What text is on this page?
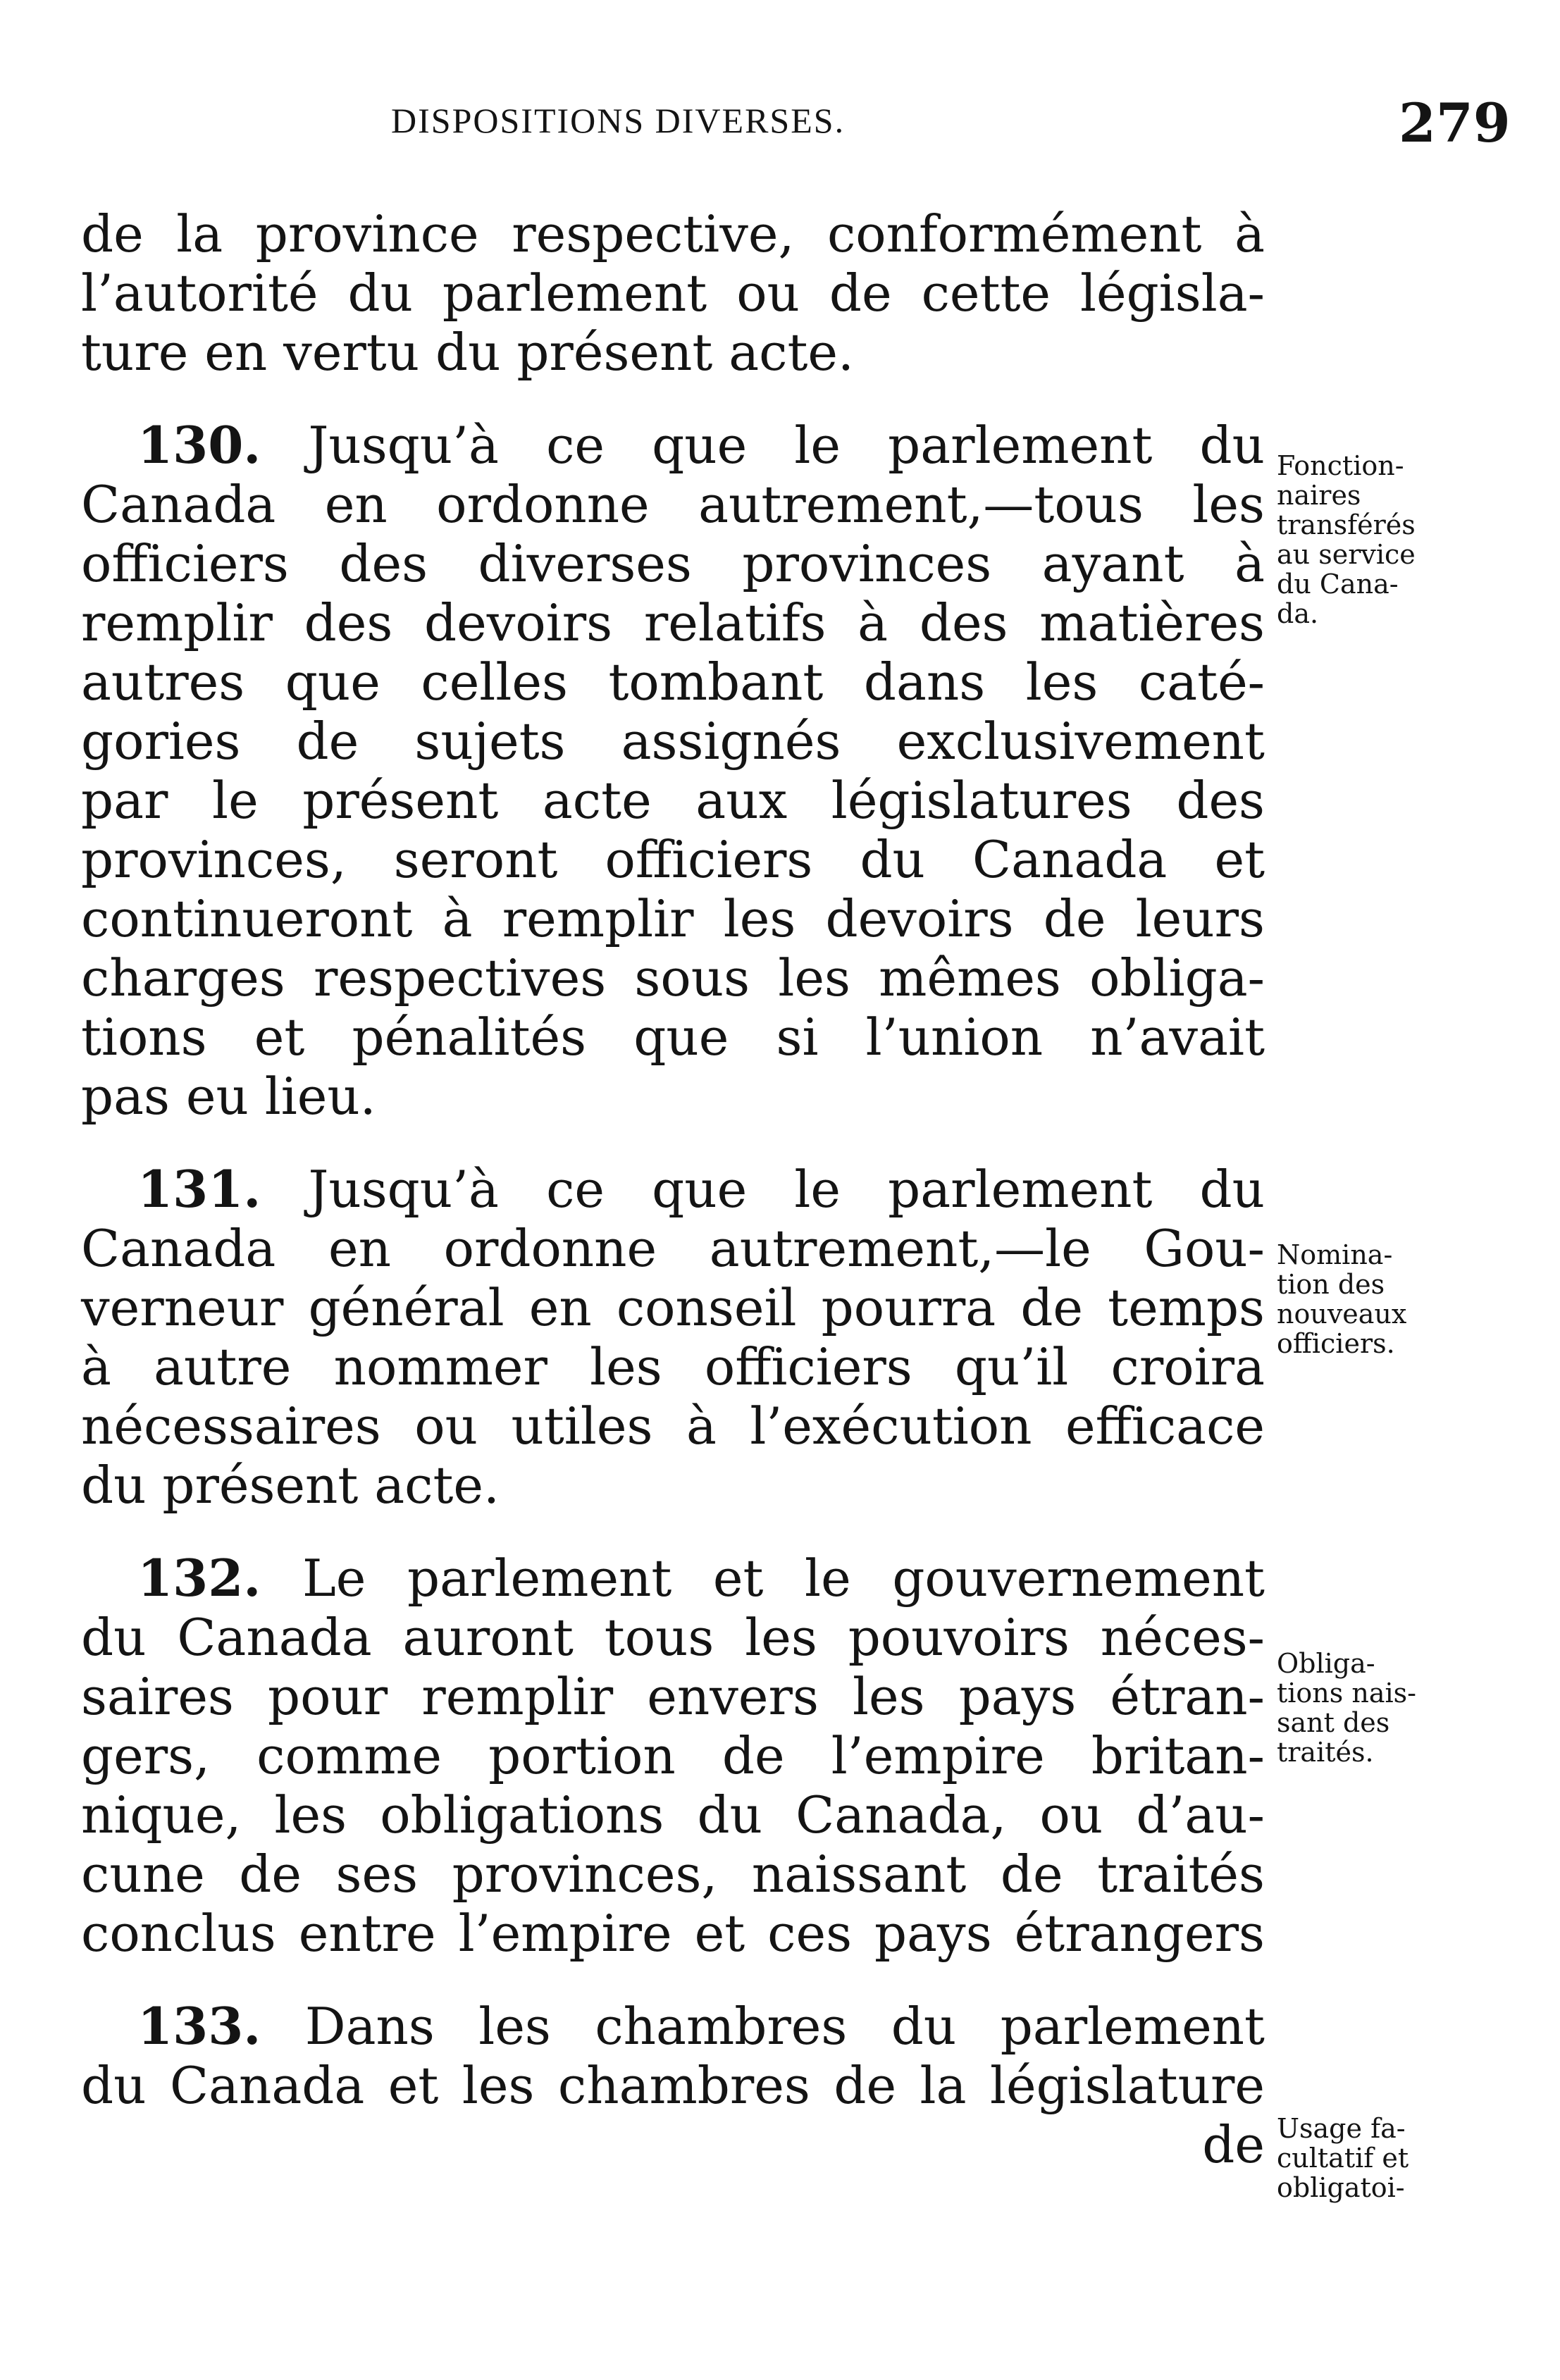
DISPOSITIONS DIVERSES.	279
de la province respective, conformément à
l’autorité du parlement ou de cette législa-
ture en vertu du présent acte.
130. Jusqu’à ce que le parlement du
Canada en ordonne autrement,—tous les
officiers des diverses provinces ayant à
remplir des devoirs relatifs à des matières
autres que celles tombant dans les caté-
gories de sujets assignés exclusivement
par le présent acte aux législatures des
provinces, seront officiers du Canada et
continueront à remplir les devoirs de leurs
charges respectives sous les mêmes obliga-
tions et pénalités que si l’union n’avait
pas eu lieu.
131. Jusqu’à ce que le parlement du
Canada en ordonne autrement,—le Gou-
verneur général en conseil pourra de temps
à autre nommer les officiers qu’il croira
nécessaires ou utiles à l’exécution efficace
du présent acte.
132. Le parlement et le gouvernement
du Canada auront tous les pouvoirs néces-
saires pour remplir envers les pays étran-
gers, comme portion de l’empire britan-
nique, les obligations du Canada, ou d’au-
cune de ses provinces, naissant de traités
conclus entre l’empire et ces pays étrangers
133. Dans les chambres du parlement
du Canada et les chambres de la législature
de
Fonction-
naires
transférés
au service
du Cana-
da.
Nomina-
tion des
nouveaux
officiers.
Obliga-
tions nais-
sant des
traités.
Usage fa-
cultatif et
obligatoi-
